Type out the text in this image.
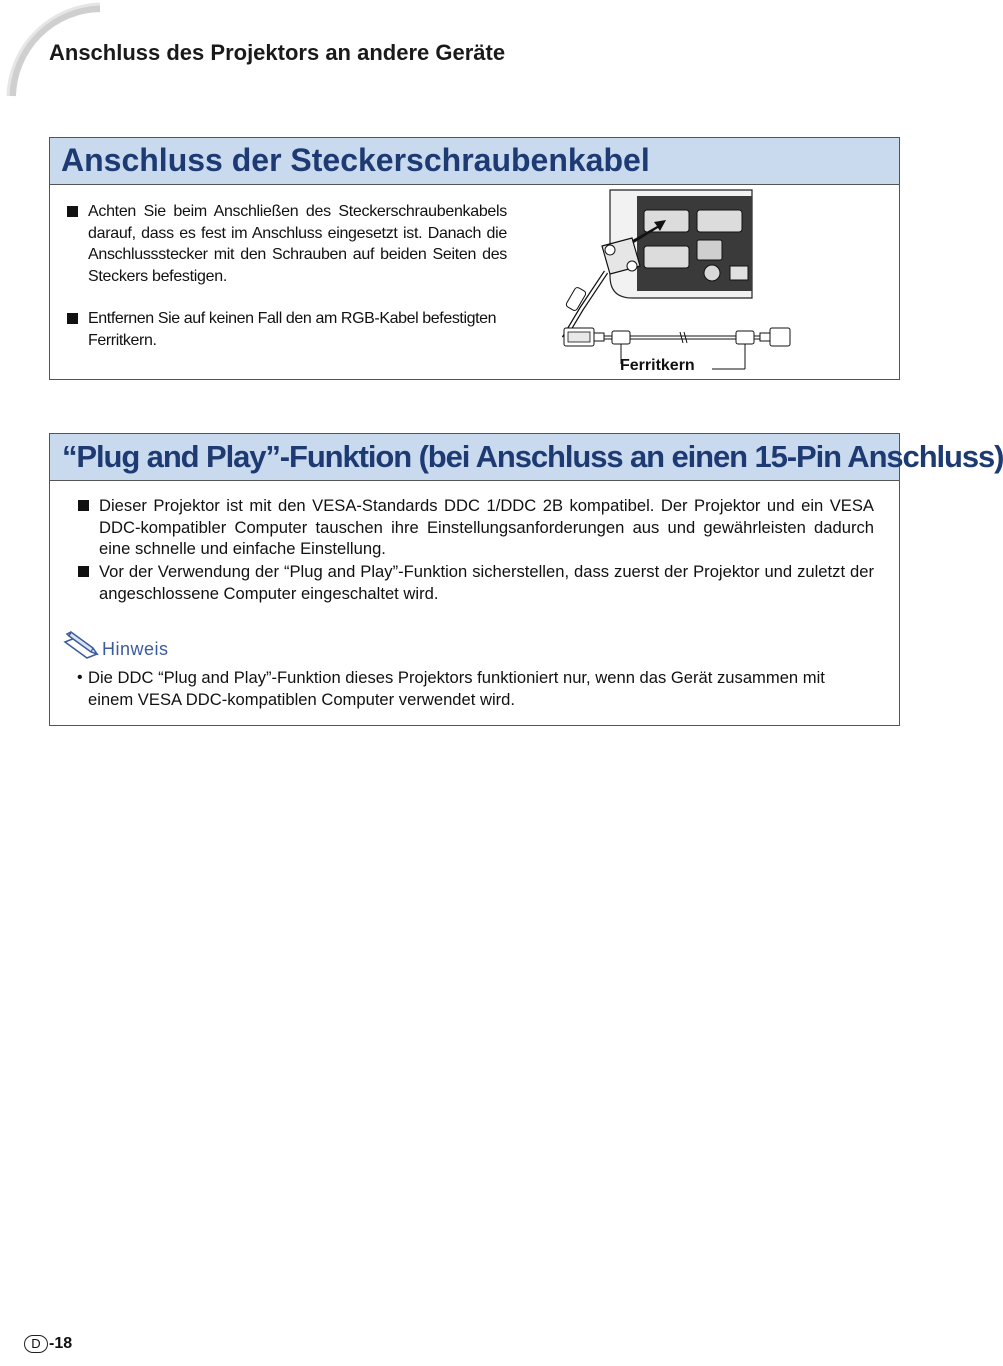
Anschluss des Projektors an andere Geräte
Anschluss der Steckerschraubenkabel
Achten Sie beim Anschließen des Steckerschraubenkabels darauf, dass es fest im Anschluss eingesetzt ist. Danach die Anschlussstecker mit den Schrauben auf beiden Seiten des Steckers befestigen.
Entfernen Sie auf keinen Fall den am RGB-Kabel befestigten Ferritkern.
Ferritkern
“Plug and Play”-Funktion (bei Anschluss an einen 15-Pin Anschluss)
Dieser Projektor ist mit den VESA-Standards DDC 1/DDC 2B kompatibel. Der Projektor und ein VESA DDC-kompatibler Computer tauschen ihre Einstellungsanforderungen aus und gewährleisten dadurch eine schnelle und einfache Einstellung.
Vor der Verwendung der “Plug and Play”-Funktion sicherstellen, dass zuerst der Projektor und zuletzt der angeschlossene Computer eingeschaltet wird.
Hinweis
• Die DDC “Plug and Play”-Funktion dieses Projektors funktioniert nur, wenn das Gerät zusammen mit einem VESA DDC-kompatiblen Computer verwendet wird.
D -18
